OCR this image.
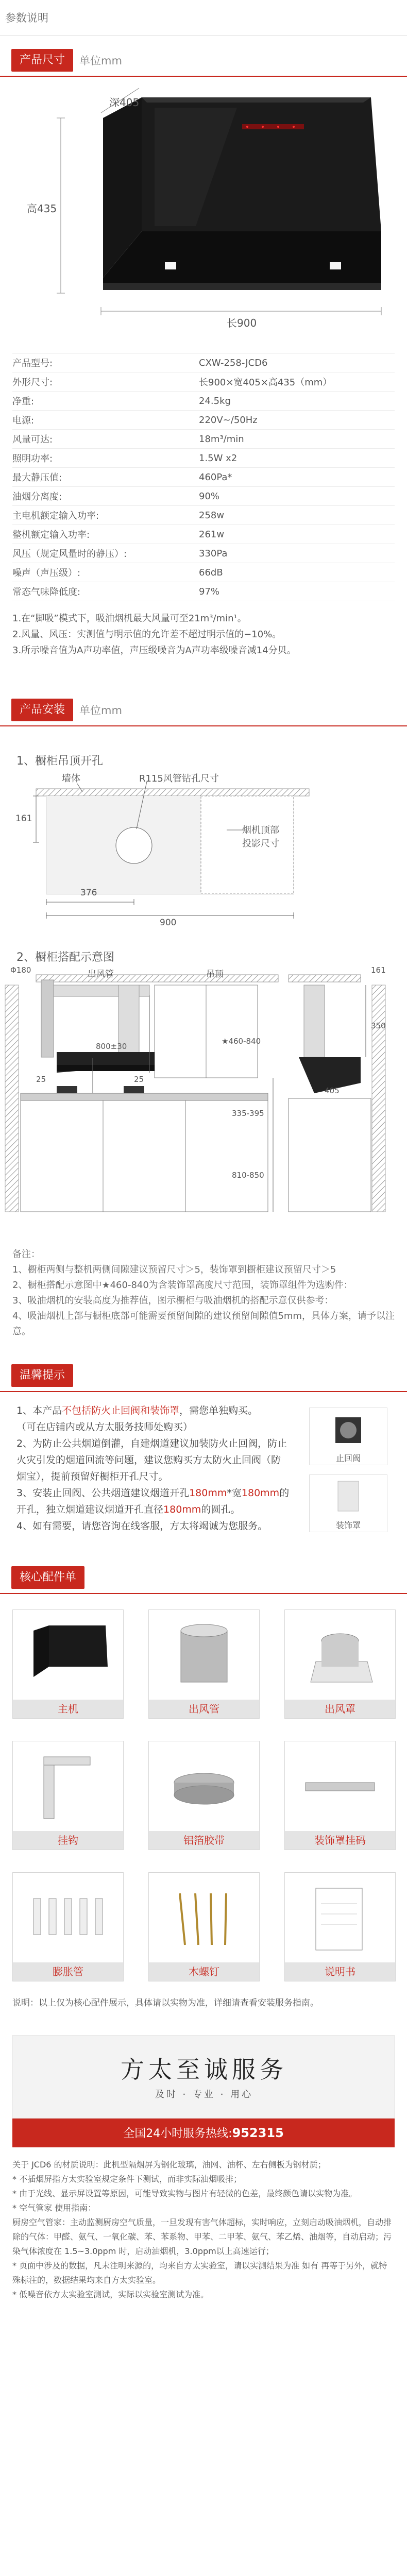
参数说明
产品尺寸	单位mm
深405
高435
长900
产品型号:	CXW-258-JCD6
外形尺寸:	长900×宽405×高435（mm）
净重:	24.5kg
电源:	220V~/50Hz
风量可达:	18m³/min
照明功率:	1.5W x2
最大静压值:	460Pa*
油烟分离度:	90%
主电机额定输入功率:	258w
整机额定输入功率:	261w
风压（规定风量时的静压）:	330Pa
噪声（声压级）:	66dB
常态气味降低度:	97%
1.在“脚吸”模式下，吸油烟机最大风量可至21m³/min¹。
2.风量、风压：实测值与明示值的允许差不超过明示值的−10%。
3.所示噪音值为A声功率值，声压级噪音为A声功率级噪音减14分贝。
产品安装	单位mm
1、橱柜吊顶开孔
墙体	R115风管钻孔尺寸
烟机顶部
投影尺寸
161
376
900
2、橱柜搭配示意图
出风管	吊顶
Φ180
25	25
800±30
★460-840
335-395
810-850
350
161
405
备注：
1、橱柜两侧与整机两侧间隙建议预留尺寸＞5，装饰罩到橱柜建议预留尺寸＞5
2、橱柜搭配示意图中★460-840为含装饰罩高度尺寸范围，装饰罩组件为选购件：
3、吸油烟机的安装高度为推荐值，图示橱柜与吸油烟机的搭配示意仅供参考：
4、吸油烟机上部与橱柜底部可能需要预留间隙的建议预留间隙值5mm，具体方案，请予以注意。
温馨提示
1、本产品不包括防火止回阀和装饰罩，需您单独购买。
（可在店铺内或从方太服务技师处购买）
2、为防止公共烟道倒灌，自建烟道建议加装防火止回阀，防止火灾引发的烟道回流等问题，建议您购买方太防火止回阀（防烟宝），提前预留好橱柜开孔尺寸。
3、安装止回阀、公共烟道建议烟道开孔180mm*宽180mm的开孔，独立烟道建议烟道开孔直径180mm的圆孔。
4、如有需要，请您咨询在线客服，方太将竭诚为您服务。
止回阀
装饰罩
核心配件单
主机	出风管	出风罩
挂钩	铝箔胶带	装饰罩挂码
膨胀管	木螺钉	说明书
说明：以上仅为核心配件展示，具体请以实物为准，详细请查看安装服务指南。
方太至诚服务
及时 · 专业 · 用心
全国24小时服务热线:952315
关于 JCD6 的材质说明：此机型隔烟屏为钢化玻璃，油网、油杯、左右侧板为钢材质；
* 不插烟屏指方太实验室规定条件下测试，而非实际油烟吸排；
* 由于光线、显示屏设置等原因，可能导致实物与图片有轻微的色差，最终颜色请以实物为准。
* 空气管家 使用指南：
厨房空气管家：主动监测厨房空气质量，一旦发现有害气体超标，实时响应，立刻启动吸油烟机，自动排除的气体：甲醛、氨气、一氧化碳、苯、苯系物、甲苯、二甲苯、氨气、苯乙烯、油烟等，自动启动；污染气体浓度在 1.5~3.0ppm 时，启动油烟机，3.0ppm以上高速运行；
* 页面中涉及的数据，凡未注明来源的，均来自方太实验室，请以实测结果为准 如有 再等于另外，就特殊标注的，数据结果均来自方太实验室。
* 低噪音依方太实验室测试，实际以实验室测试为准。
